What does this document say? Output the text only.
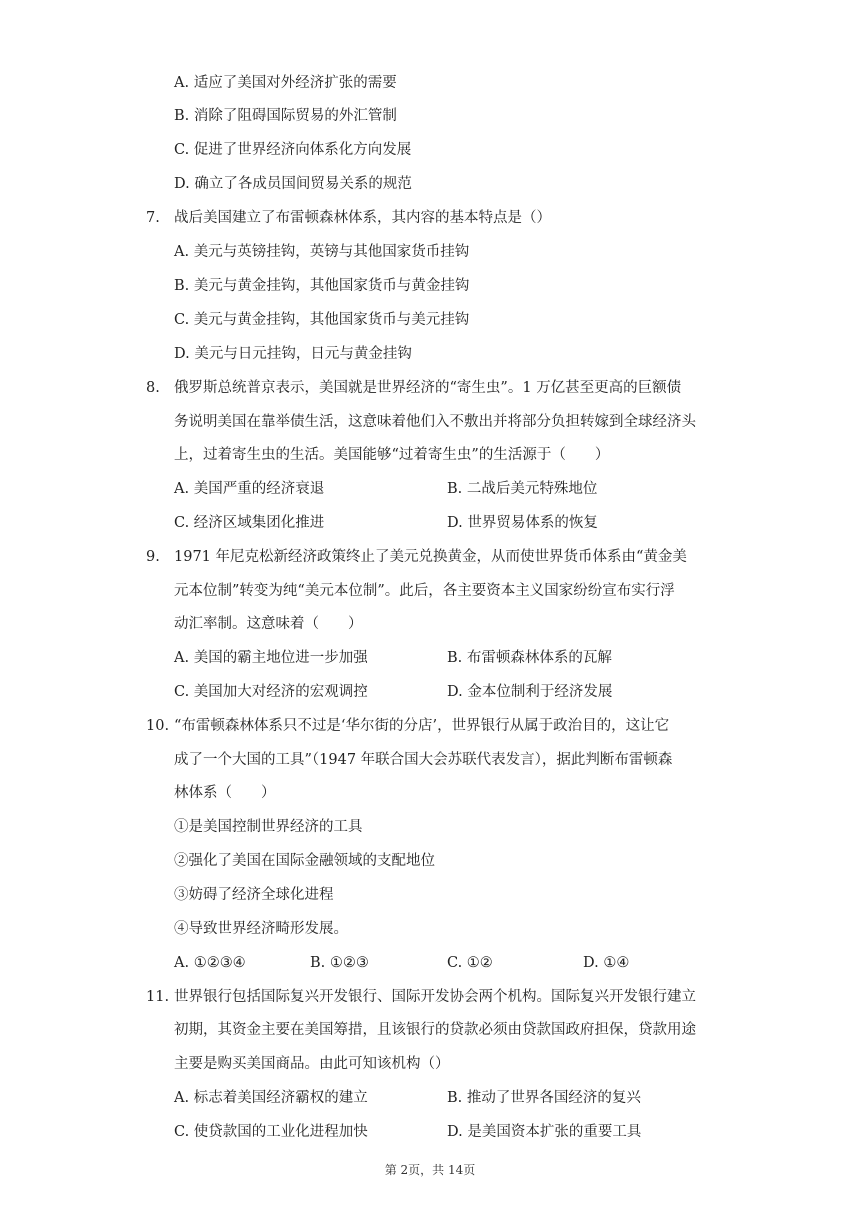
A. 适应了美国对外经济扩张的需要
B. 消除了阻碍国际贸易的外汇管制
C. 促进了世界经济向体系化方向发展
D. 确立了各成员国间贸易关系的规范
7. 战后美国建立了布雷顿森林体系，其内容的基本特点是（）
A. 美元与英镑挂钩，英镑与其他国家货币挂钩
B. 美元与黄金挂钩，其他国家货币与黄金挂钩
C. 美元与黄金挂钩，其他国家货币与美元挂钩
D. 美元与日元挂钩，日元与黄金挂钩
8. 俄罗斯总统普京表示，美国就是世界经济的“寄生虫”。1 万亿甚至更高的巨额债
务说明美国在靠举债生活，这意味着他们入不敷出并将部分负担转嫁到全球经济头
上，过着寄生虫的生活。美国能够“过着寄生虫”的生活源于（　　）
A. 美国严重的经济衰退	B. 二战后美元特殊地位
C. 经济区域集团化推进	D. 世界贸易体系的恢复
9. 1971 年尼克松新经济政策终止了美元兑换黄金，从而使世界货币体系由“黄金美
元本位制”转变为纯“美元本位制”。此后，各主要资本主义国家纷纷宣布实行浮
动汇率制。这意味着（　　）
A. 美国的霸主地位进一步加强	B. 布雷顿森林体系的瓦解
C. 美国加大对经济的宏观调控	D. 金本位制利于经济发展
10. “布雷顿森林体系只不过是‘华尔街的分店’，世界银行从属于政治目的，这让它
成了一个大国的工具”（1947 年联合国大会苏联代表发言），据此判断布雷顿森
林体系（　　）
①是美国控制世界经济的工具
②强化了美国在国际金融领域的支配地位
③妨碍了经济全球化进程
④导致世界经济畸形发展。
A. ①②③④	B. ①②③	C. ①②	D. ①④
11. 世界银行包括国际复兴开发银行、国际开发协会两个机构。国际复兴开发银行建立
初期，其资金主要在美国筹措，且该银行的贷款必须由贷款国政府担保，贷款用途
主要是购买美国商品。由此可知该机构（）
A. 标志着美国经济霸权的建立	B. 推动了世界各国经济的复兴
C. 使贷款国的工业化进程加快	D. 是美国资本扩张的重要工具
第 2页，共 14页
